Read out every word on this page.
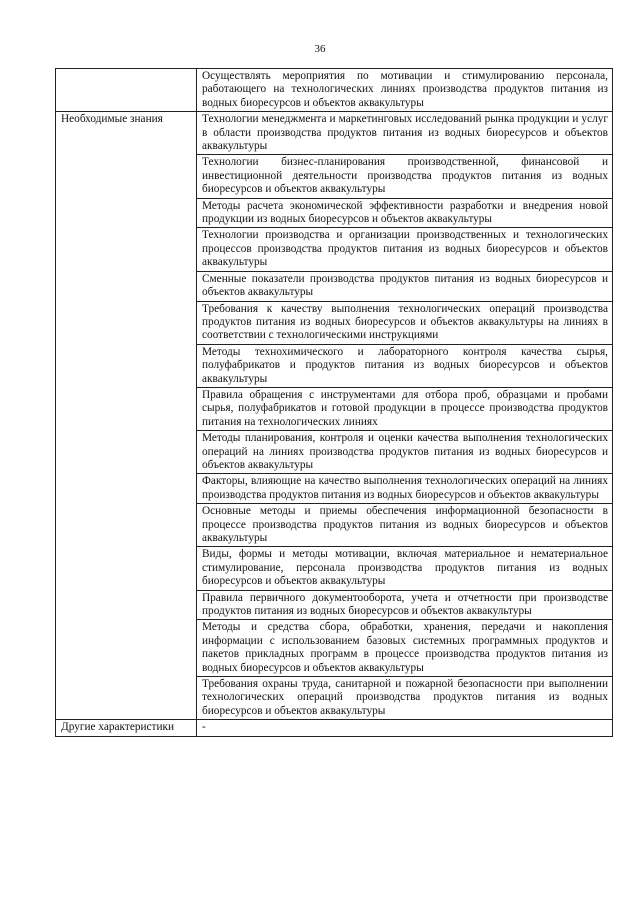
36
	Осуществлять мероприятия по мотивации и стимулированию персонала, работающего на технологических линиях производства продуктов питания из водных биоресурсов и объектов аквакультуры
Необходимые знания	Технологии менеджмента и маркетинговых исследований рынка продукции и услуг в области производства продуктов питания из водных биоресурсов и объектов аквакультуры
	Технологии бизнес-планирования производственной, финансовой и инвестиционной деятельности производства продуктов питания из водных биоресурсов и объектов аквакультуры
	Методы расчета экономической эффективности разработки и внедрения новой продукции из водных биоресурсов и объектов аквакультуры
	Технологии производства и организации производственных и технологических процессов производства продуктов питания из водных биоресурсов и объектов аквакультуры
	Сменные показатели производства продуктов питания из водных биоресурсов и объектов аквакультуры
	Требования к качеству выполнения технологических операций производства продуктов питания из водных биоресурсов и объектов аквакультуры на линиях в соответствии с технологическими инструкциями
	Методы технохимического и лабораторного контроля качества сырья, полуфабрикатов и продуктов питания из водных биоресурсов и объектов аквакультуры
	Правила обращения с инструментами для отбора проб, образцами и пробами сырья, полуфабрикатов и готовой продукции в процессе производства продуктов питания на технологических линиях
	Методы планирования, контроля и оценки качества выполнения технологических операций на линиях производства продуктов питания из водных биоресурсов и объектов аквакультуры
	Факторы, влияющие на качество выполнения технологических операций на линиях производства продуктов питания из водных биоресурсов и объектов аквакультуры
	Основные методы и приемы обеспечения информационной безопасности в процессе производства продуктов питания из водных биоресурсов и объектов аквакультуры
	Виды, формы и методы мотивации, включая материальное и нематериальное стимулирование, персонала производства продуктов питания из водных биоресурсов и объектов аквакультуры
	Правила первичного документооборота, учета и отчетности при производстве продуктов питания из водных биоресурсов и объектов аквакультуры
	Методы и средства сбора, обработки, хранения, передачи и накопления информации с использованием базовых системных программных продуктов и пакетов прикладных программ в процессе производства продуктов питания из водных биоресурсов и объектов аквакультуры
	Требования охраны труда, санитарной и пожарной безопасности при выполнении технологических операций производства продуктов питания из водных биоресурсов и объектов аквакультуры
Другие характеристики	-
